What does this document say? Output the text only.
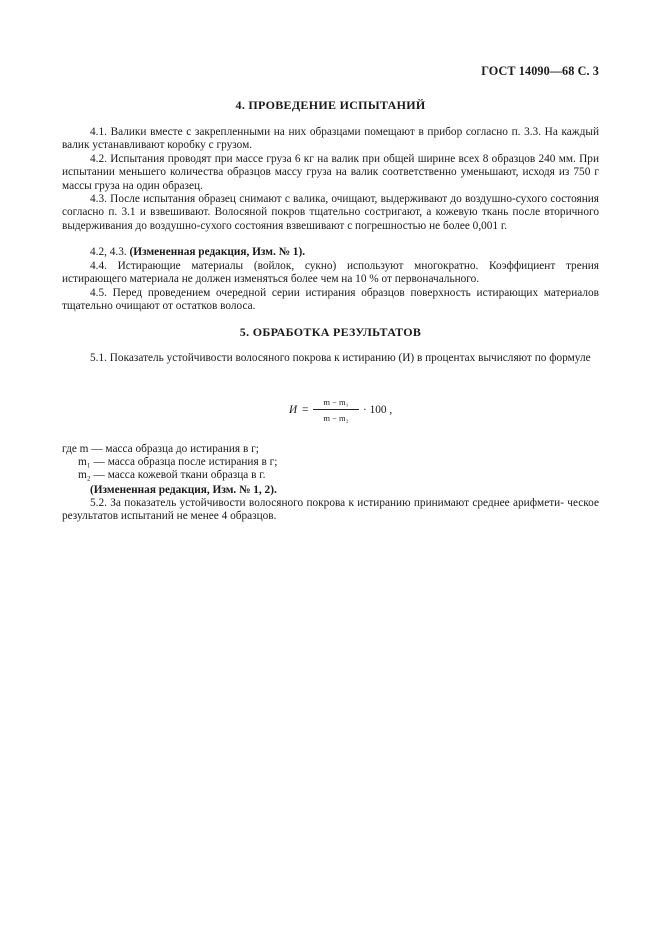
ГОСТ 14090—68 С. 3
4. ПРОВЕДЕНИЕ ИСПЫТАНИЙ

4.1. Валики вместе с закрепленными на них образцами помещают в прибор согласно п. 3.3. На каждый валик устанавливают коробку с грузом.

4.2. Испытания проводят при массе груза 6 кг на валик при общей ширине всех 8 образцов 240 мм. При испытании меньшего количества образцов массу груза на валик соответственно уменьшают, исходя из 750 г массы груза на один образец.

4.3. После испытания образец снимают с валика, очищают, выдерживают до воздушно-сухого состояния согласно п. 3.1 и взвешивают. Волосяной покров тщательно состригают, а кожевую ткань после вторичного выдерживания до воздушно-сухого состояния взвешивают с погрешностью не более 0,001 г.

4.2, 4.3. (Измененная редакция, Изм. № 1).

4.4. Истирающие материалы (войлок, сукно) используют многократно. Коэффициент трения истирающего материала не должен изменяться более чем на 10 % от первоначального.

4.5. Перед проведением очередной серии истирания образцов поверхность истирающих материалов тщательно очищают от остатков волоса.

5. ОБРАБОТКА РЕЗУЛЬТАТОВ

5.1. Показатель устойчивости волосяного покрова к истиранию (И) в процентах вычисляют по формуле

И =
m − m₁
m − m₂
· 100 ,
где m — масса образца до истирания в г;
m₁ — масса образца после истирания в г;
m₂ — масса кожевой ткани образца в г.

(Измененная редакция, Изм. № 1, 2).

5.2. За показатель устойчивости волосяного покрова к истиранию принимают среднее арифмети- ческое результатов испытаний не менее 4 образцов.
